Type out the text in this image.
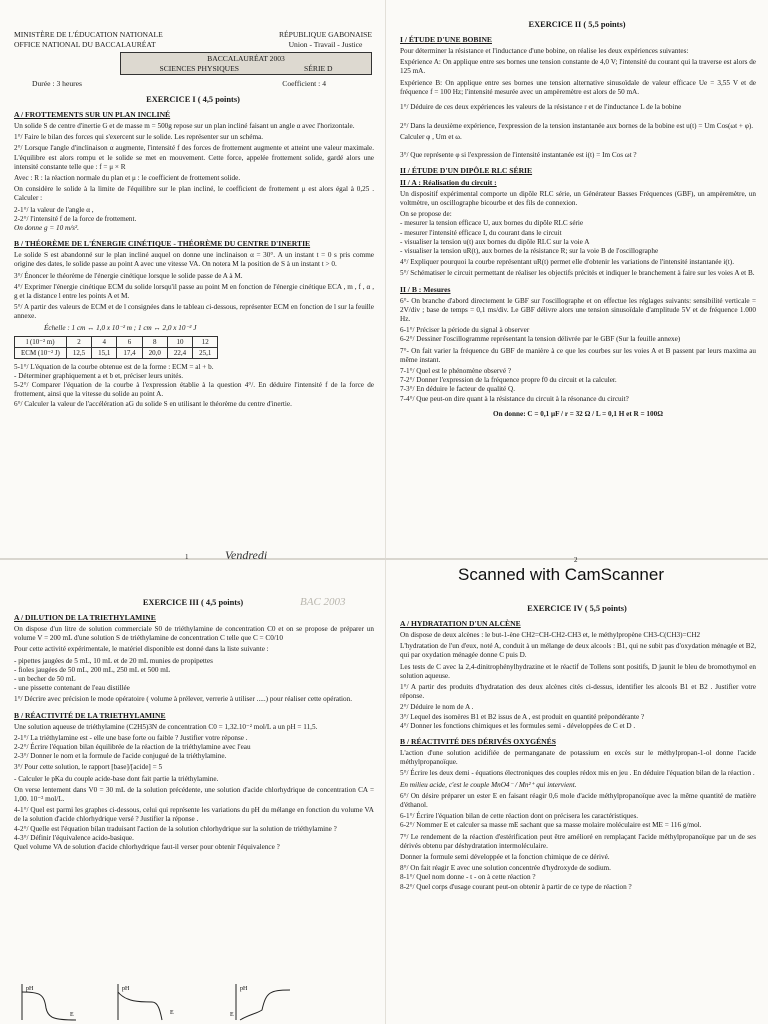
MINISTÈRE DE L'ÉDUCATION NATIONALE
OFFICE NATIONAL DU BACCALAURÉAT
RÉPUBLIQUE GABONAISE
Union - Travail - Justice
BACCALAURÉAT 2003
SCIENCES PHYSIQUES	SÉRIE D
Durée : 3 heures	Coefficient : 4
EXERCICE I ( 4,5 points)
A / FROTTEMENTS SUR UN PLAN INCLINÉ

Un solide S de centre d'inertie G et de masse m = 500g repose sur un plan incliné faisant un angle α avec l'horizontale.

1°/ Faire le bilan des forces qui s'exercent sur le solide. Les représenter sur un schéma.

2°/ Lorsque l'angle d'inclinaison α augmente, l'intensité f des forces de frottement augmente et atteint une valeur maximale. L'équilibre est alors rompu et le solide se met en mouvement. Cette force, appelée frottement solide, gardé alors une intensité constante telle que : f = μ × R

Avec : R : la réaction normale du plan et μ : le coefficient de frottement solide.

On considère le solide à la limite de l'équilibre sur le plan incliné, le coefficient de frottement μ est alors égal à 0,25 . Calculer :

2-1°/ la valeur de l'angle α ,

2-2°/ l'intensité f de la force de frottement.

On donne g = 10 m/s².

B / THÉORÈME DE L'ÉNERGIE CINÉTIQUE - THÉORÈME DU CENTRE D'INERTIE

Le solide S est abandonné sur le plan incliné auquel on donne une inclinaison α = 30°. A un instant t = 0 s pris comme origine des dates, le solide passe au point A avec une vitesse VA. On notera M la position de S à un instant t > 0.

3°/ Énoncer le théorème de l'énergie cinétique lorsque le solide passe de A à M.

4°/ Exprimer l'énergie cinétique ECM du solide lorsqu'il passe au point M en fonction de l'énergie cinétique ECA , m , f , α , g et la distance l entre les points A et M.

5°/ A partir des valeurs de ECM et de l consignées dans le tableau ci-dessous, représenter ECM en fonction de l sur la feuille annexe.

Échelle : 1 cm ↔ 1,0 x 10⁻² m ; 1 cm ↔ 2,0 x 10⁻² J

l (10⁻² m)	2	4	6	8	10	12
ECM (10⁻² J)	12,5	15,1	17,4	20,0	22,4	25,1

5-1°/ L'équation de la courbe obtenue est de la forme : ECM = al + b.

- Déterminer graphiquement a et b et, préciser leurs unités.

5-2°/ Comparer l'équation de la courbe à l'expression établie à la question 4°/. En déduire l'intensité f de la force de frottement, ainsi que la vitesse du solide au point A.

6°/ Calculer la valeur de l'accélération aG du solide S en utilisant le théorème du centre d'inertie.

1	Vendredi
EXERCICE II ( 5,5 points)
I / ÉTUDE D'UNE BOBINE

Pour déterminer la résistance et l'inductance d'une bobine, on réalise les deux expériences suivantes:

Expérience A: On applique entre ses bornes une tension constante de 4,0 V; l'intensité du courant qui la traverse est alors de 125 mA.

Expérience B: On applique entre ses bornes une tension alternative sinusoïdale de valeur efficace Ue = 3,55 V et de fréquence f = 100 Hz; l'intensité mesurée avec un ampèremètre est alors de 50 mA.

1°/ Déduire de ces deux expériences les valeurs de la résistance r et de l'inductance L de la bobine

2°/ Dans la deuxième expérience, l'expression de la tension instantanée aux bornes de la bobine est u(t) = Um Cos(ωt + φ).

Calculer φ , Um et ω.

3°/ Que représente φ si l'expression de l'intensité instantanée est i(t) = Im Cos ωt ?

II / ÉTUDE D'UN DIPÔLE RLC SÉRIE
II / A : Réalisation du circuit :

Un dispositif expérimental comporte un dipôle RLC série, un Générateur Basses Fréquences (GBF), un ampèremètre, un voltmètre, un oscillographe bicourbe et des fils de connexion.

On se propose de:

- mesurer la tension efficace U, aux bornes du dipôle RLC série

- mesurer l'intensité efficace I, du courant dans le circuit

- visualiser la tension u(t) aux bornes du dipôle RLC sur la voie A

- visualiser la tension uR(t), aux bornes de la résistance R; sur la voie B de l'oscillographe

4°/ Expliquer pourquoi la courbe représentant uR(t) permet elle d'obtenir les variations de l'intensité instantanée i(t).

5°/ Schématiser le circuit permettant de réaliser les objectifs précités et indiquer le branchement à faire sur les voies A et B.

II / B : Mesures

6°- On branche d'abord directement le GBF sur l'oscillographe et on effectue les réglages suivants: sensibilité verticale = 2V/div ; base de temps = 0,1 ms/div. Le GBF délivre alors une tension sinusoïdale d'amplitude 5V et de fréquence 1.000 Hz.

6-1°/ Préciser la période du signal à observer

6-2°/ Dessiner l'oscillogramme représentant la tension délivrée par le GBF (Sur la feuille annexe)

7°- On fait varier la fréquence du GBF de manière à ce que les courbes sur les voies A et B passent par leurs maxima au même instant.

7-1°/ Quel est le phénomène observé ?

7-2°/ Donner l'expression de la fréquence propre f0 du circuit et la calculer.

7-3°/ En déduire le facteur de qualité Q.

7-4°/ Que peut-on dire quant à la résistance du circuit à la résonance du circuit?

On donne: C = 0,1 μF / r = 32 Ω / L = 0,1 H et R = 100Ω

2
Scanned with CamScanner
BAC 2003
EXERCICE III ( 4,5 points)
A / DILUTION DE LA TRIETHYLAMINE

On dispose d'un litre de solution commerciale S0 de triéthylamine de concentration C0 et on se propose de préparer un volume V = 200 mL d'une solution S de triéthylamine de concentration C telle que C = C0/10

Pour cette activité expérimentale, le matériel disponible est donné dans la liste suivante :

- pipettes jaugées de 5 mL, 10 mL et de 20 mL munies de propipettes

- fioles jaugées de 50 mL, 200 mL, 250 mL et 500 mL

- un becher de 50 mL

- une pissette contenant de l'eau distillée

1°/ Décrire avec précision le mode opératoire ( volume à prélever, verrerie à utiliser .....) pour réaliser cette opération.

B / RÉACTIVITÉ DE LA TRIETHYLAMINE

Une solution aqueuse de triéthylamine (C2H5)3N de concentration C0 = 1,32.10⁻² mol/L a un pH = 11,5.

2-1°/ La triéthylamine est - elle une base forte ou faible ? Justifier votre réponse .

2-2°/ Écrire l'équation bilan équilibrée de la réaction de la triéthylamine avec l'eau

2-3°/ Donner le nom et la formule de l'acide conjugué de la triéthylamine.

3°/ Pour cette solution, le rapport [base]/[acide] = 5

- Calculer le pKa du couple acide-base dont fait partie la triéthylamine.

On verse lentement dans V0 = 30 mL de la solution précédente, une solution d'acide chlorhydrique de concentration CA = 1,00. 10⁻² mol/L.

4-1°/ Quel est parmi les graphes ci-dessous, celui qui représente les variations du pH du mélange en fonction du volume VA de la solution d'acide chlorhydrique versé ? Justifier la réponse .

4-2°/ Quelle est l'équation bilan traduisant l'action de la solution chlorhydrique sur la solution de triéthylamine ?

4-3°/ Définir l'équivalence acido-basique.

Quel volume VA de solution d'acide chlorhydrique faut-il verser pour obtenir l'équivalence ?

pH
E
pH
E
pH
E
EXERCICE IV ( 5,5 points)
A / HYDRATATION D'UN ALCÈNE

On dispose de deux alcènes : le but-1-ène CH2=CH-CH2-CH3 et, le méthylpropène CH3-C(CH3)=CH2

L'hydratation de l'un d'eux, noté A, conduit à un mélange de deux alcools : B1, qui ne subit pas d'oxydation ménagée et B2, qui par oxydation ménagée donne C puis D.

Les tests de C avec la 2,4-dinitrophénylhydrazine et le réactif de Tollens sont positifs, D jaunit le bleu de bromothymol en solution aqueuse.

1°/ A partir des produits d'hydratation des deux alcènes cités ci-dessus, identifier les alcools B1 et B2 . Justifier votre réponse.

2°/ Déduire le nom de A .

3°/ Lequel des isomères B1 et B2 issus de A , est produit en quantité prépondérante ?

4°/ Donner les fonctions chimiques et les formules semi - développées de C et D .

B / RÉACTIVITÉ DES DÉRIVÉS OXYGÉNÉS

L'action d'une solution acidifiée de permanganate de potassium en excès sur le méthylpropan-1-ol donne l'acide méthylpropanoïque.

5°/ Écrire les deux demi - équations électroniques des couples rédox mis en jeu . En déduire l'équation bilan de la réaction .

En milieu acide, c'est le couple MnO4⁻ / Mn²⁺ qui intervient.

6°/ On désire préparer un ester E en faisant réagir 0,6 mole d'acide méthylpropanoïque avec la même quantité de matière d'éthanol.

6-1°/ Écrire l'équation bilan de cette réaction dont on précisera les caractéristiques.

6-2°/ Nommer E et calculer sa masse mE sachant que sa masse molaire moléculaire est ME = 116 g/mol.

7°/ Le rendement de la réaction d'estérification peut être amélioré en remplaçant l'acide méthylpropanoïque par un de ses dérivés obtenu par déshydratation intermoléculaire.

Donner la formule semi développée et la fonction chimique de ce dérivé.

8°/ On fait réagir E avec une solution concentrée d'hydroxyde de sodium.

8-1°/ Quel nom donne - t - on à cette réaction ?

8-2°/ Quel corps d'usage courant peut-on obtenir à partir de ce type de réaction ?
